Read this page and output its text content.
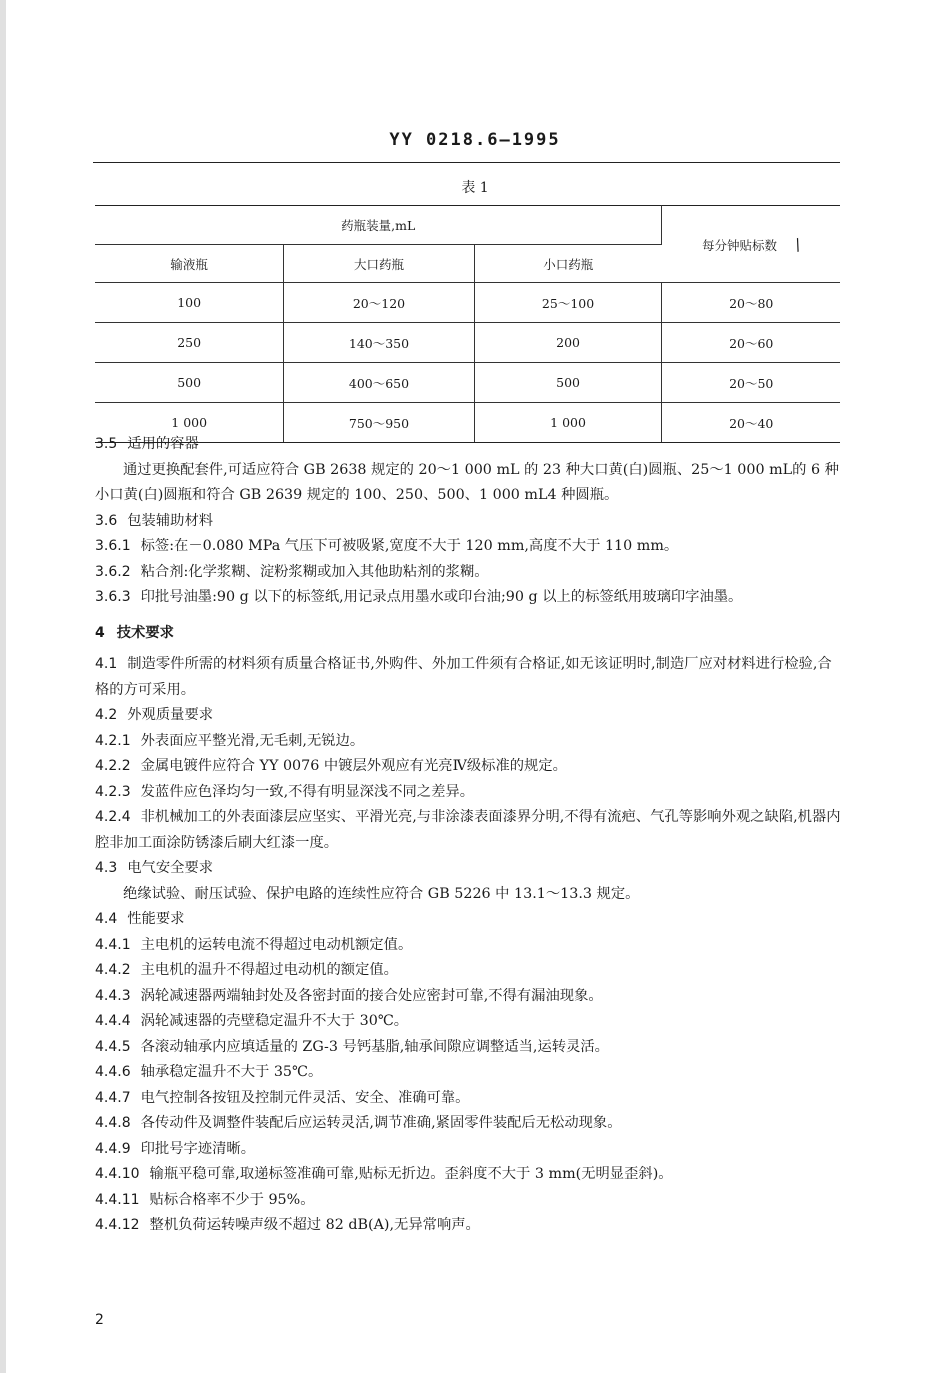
YY 0218.6—1995
表 1
药瓶装量,mL			每分钟贴标数 /
输液瓶	大口药瓶	小口药瓶	
100	20～120	25～100	20～80
250	140～350	200	20～60
500	400～650	500	20～50
1 000	750～950	1 000	20～40

3.5 适用的容器

通过更换配套件,可适应符合 GB 2638 规定的 20～1 000 mL 的 23 种大口黄(白)圆瓶、25～1 000 mL的 6 种小口黄(白)圆瓶和符合 GB 2639 规定的 100、250、500、1 000 mL4 种圆瓶。

3.6 包装辅助材料

3.6.1 标签:在－0.080 MPa 气压下可被吸紧,宽度不大于 120 mm,高度不大于 110 mm。

3.6.2 粘合剂:化学浆糊、淀粉浆糊或加入其他助粘剂的浆糊。

3.6.3 印批号油墨:90 g 以下的标签纸,用记录点用墨水或印台油;90 g 以上的标签纸用玻璃印字油墨。

4 技术要求

4.1 制造零件所需的材料须有质量合格证书,外购件、外加工件须有合格证,如无该证明时,制造厂应对材料进行检验,合格的方可采用。

4.2 外观质量要求

4.2.1 外表面应平整光滑,无毛刺,无锐边。

4.2.2 金属电镀件应符合 YY 0076 中镀层外观应有光亮Ⅳ级标准的规定。

4.2.3 发蓝件应色泽均匀一致,不得有明显深浅不同之差异。

4.2.4 非机械加工的外表面漆层应坚实、平滑光亮,与非涂漆表面漆界分明,不得有流疤、气孔等影响外观之缺陷,机器内腔非加工面涂防锈漆后刷大红漆一度。

4.3 电气安全要求

绝缘试验、耐压试验、保护电路的连续性应符合 GB 5226 中 13.1～13.3 规定。

4.4 性能要求

4.4.1 主电机的运转电流不得超过电动机额定值。

4.4.2 主电机的温升不得超过电动机的额定值。

4.4.3 涡轮减速器两端轴封处及各密封面的接合处应密封可靠,不得有漏油现象。

4.4.4 涡轮减速器的壳壁稳定温升不大于 30℃。

4.4.5 各滚动轴承内应填适量的 ZG-3 号钙基脂,轴承间隙应调整适当,运转灵活。

4.4.6 轴承稳定温升不大于 35℃。

4.4.7 电气控制各按钮及控制元件灵活、安全、准确可靠。

4.4.8 各传动件及调整件装配后应运转灵活,调节准确,紧固零件装配后无松动现象。

4.4.9 印批号字迹清晰。

4.4.10 输瓶平稳可靠,取递标签准确可靠,贴标无折边。歪斜度不大于 3 mm(无明显歪斜)。

4.4.11 贴标合格率不少于 95%。

4.4.12 整机负荷运转噪声级不超过 82 dB(A),无异常响声。

2
